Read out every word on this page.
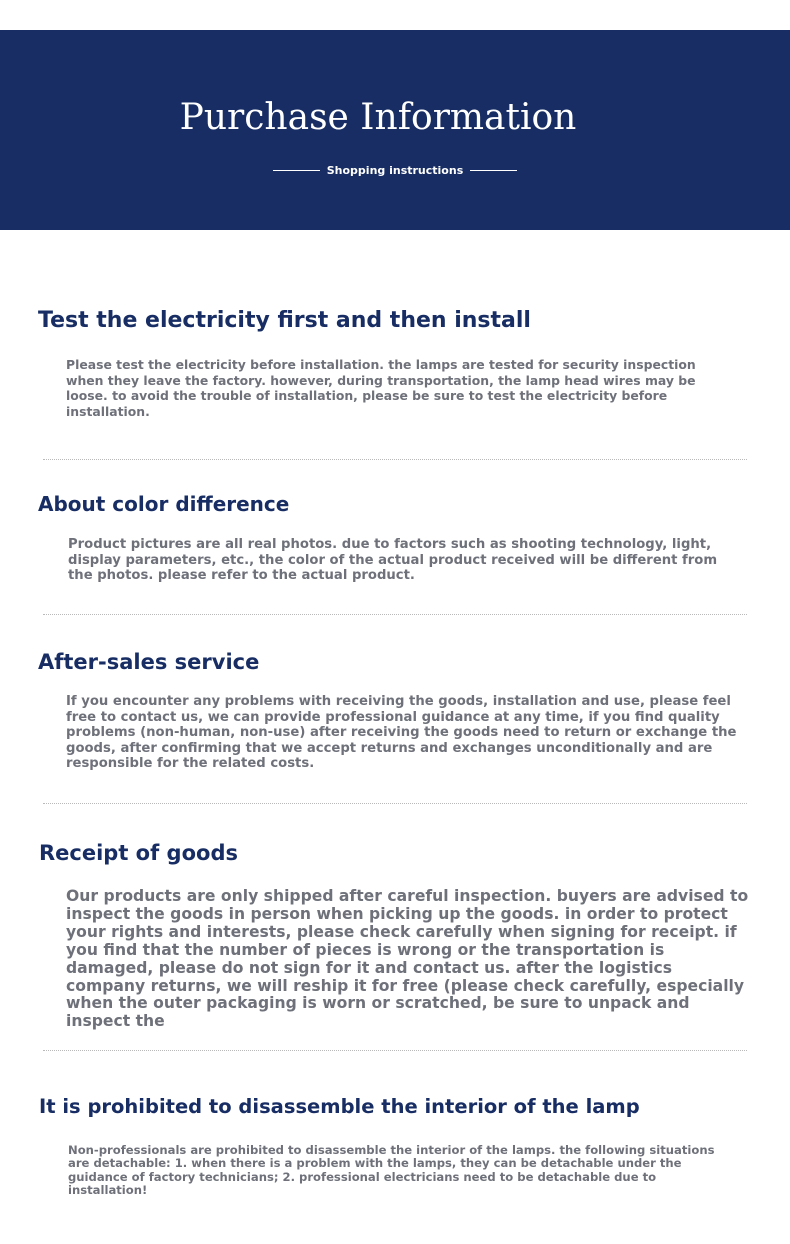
Purchase Information
Shopping instructions
Test the electricity first and then install

Please test the electricity before installation. the lamps are tested for security inspection when they leave the factory. however, during transportation, the lamp head wires may be loose. to avoid the trouble of installation, please be sure to test the electricity before installation.

About color difference

Product pictures are all real photos. due to factors such as shooting technology, light, display parameters, etc., the color of the actual product received will be different from the photos. please refer to the actual product.

After-sales service

If you encounter any problems with receiving the goods, installation and use, please feel free to contact us, we can provide professional guidance at any time, if you find quality problems (non-human, non-use) after receiving the goods need to return or exchange the goods, after confirming that we accept returns and exchanges unconditionally and are responsible for the related costs.

Receipt of goods

Our products are only shipped after careful inspection. buyers are advised to inspect the goods in person when picking up the goods. in order to protect your rights and interests, please check carefully when signing for receipt. if you find that the number of pieces is wrong or the transportation is damaged, please do not sign for it and contact us. after the logistics company returns, we will reship it for free (please check carefully, especially when the outer packaging is worn or scratched, be sure to unpack and inspect the

It is prohibited to disassemble the interior of the lamp

Non-professionals are prohibited to disassemble the interior of the lamps. the following situations are detachable: 1. when there is a problem with the lamps, they can be detachable under the guidance of factory technicians; 2. professional electricians need to be detachable due to installation!
